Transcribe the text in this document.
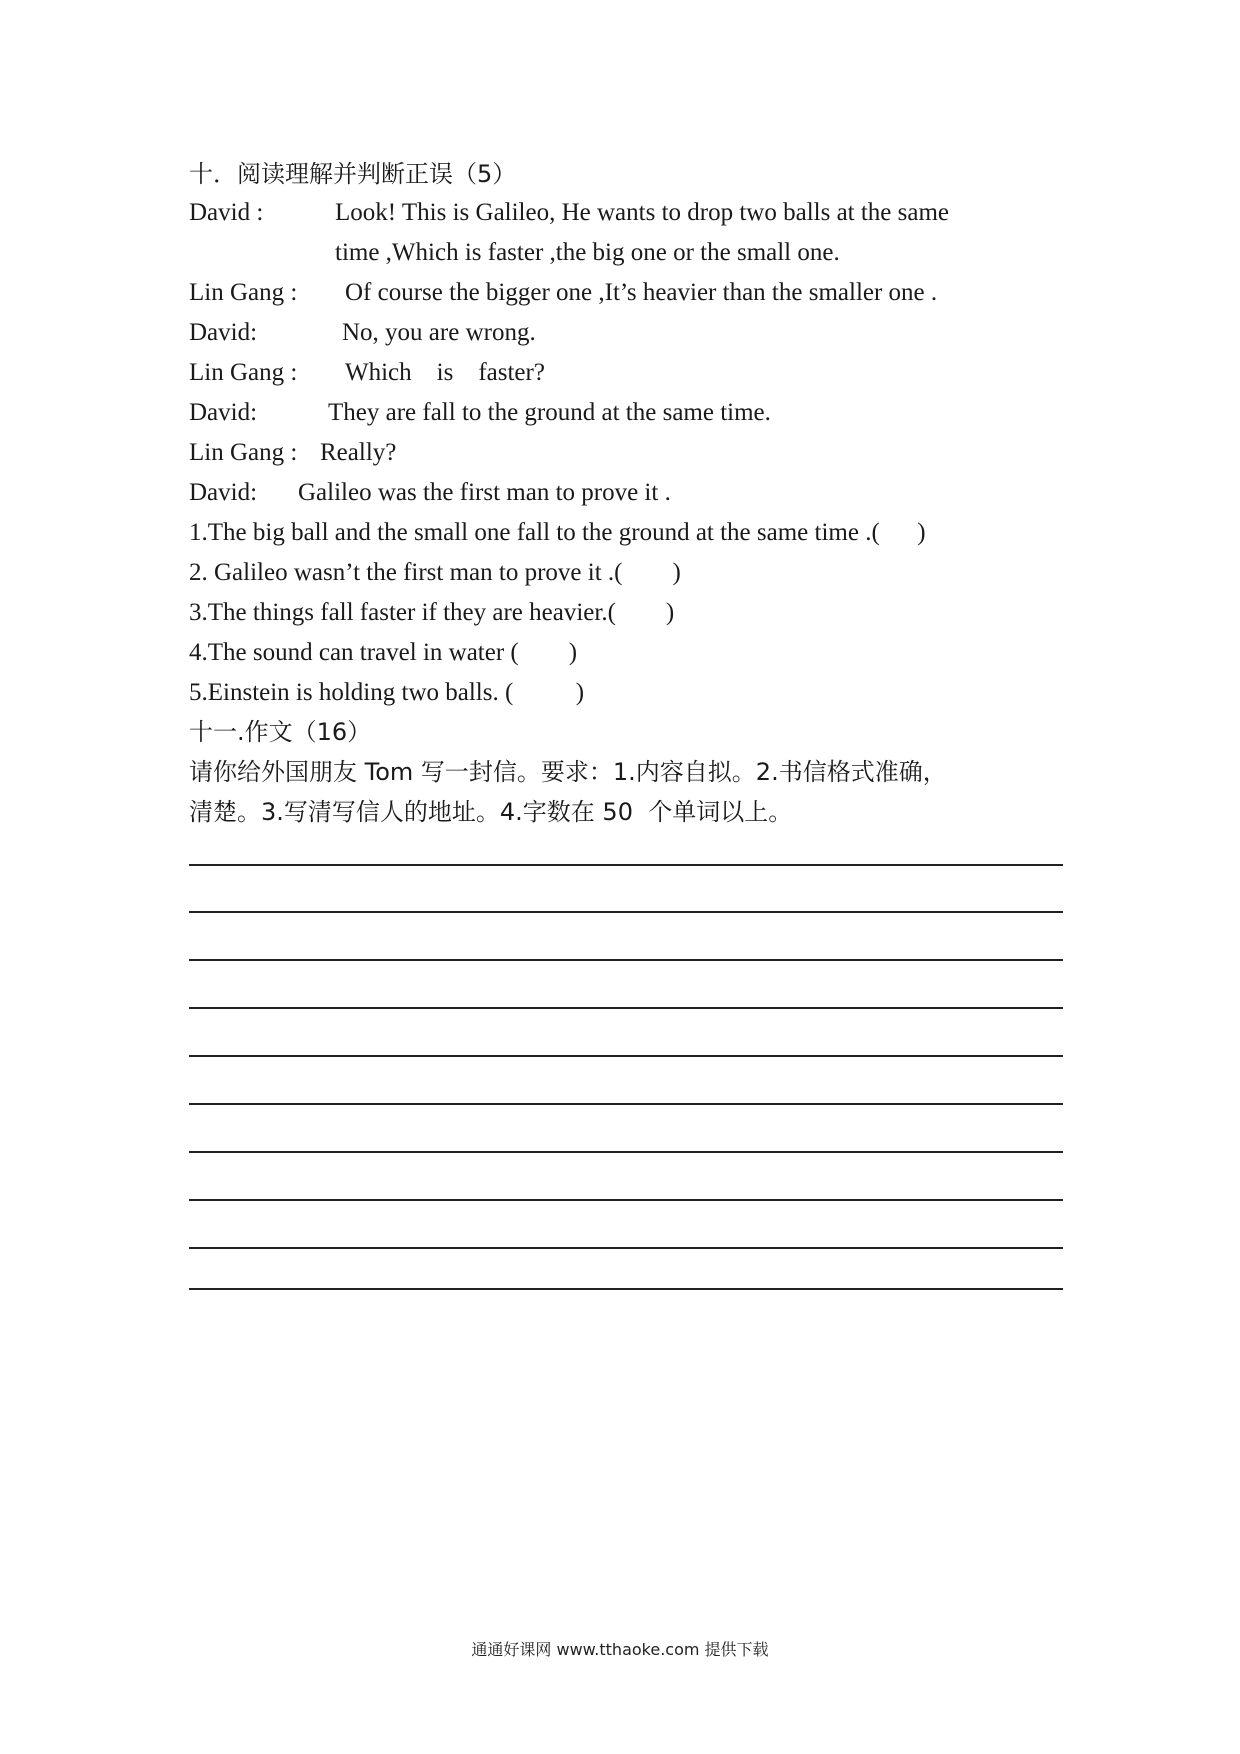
十．阅读理解并判断正误（5）
David :	Look! This is Galileo, He wants to drop two balls at the same
time ,Which is faster ,the big one or the small one.
Lin Gang : Of course the bigger one ,It’s heavier than the smaller one .
David:	No, you are wrong.
Lin Gang : Which    is    faster?
David:	They are fall to the ground at the same time.
Lin Gang : Really?
David: Galileo was the first man to prove it .
1.The big ball and the small one fall to the ground at the same time .(      )
2. Galileo wasn’t the first man to prove it .(        )
3.The things fall faster if they are heavier.(        )
4.The sound can travel in water (        )
5.Einstein is holding two balls. (          )
十一.作文（16）
请你给外国朋友 Tom 写一封信。要求：1.内容自拟。2.书信格式准确，
清楚。3.写清写信人的地址。4.字数在 50  个单词以上。
通通好课网 www.tthaoke.com 提供下载
